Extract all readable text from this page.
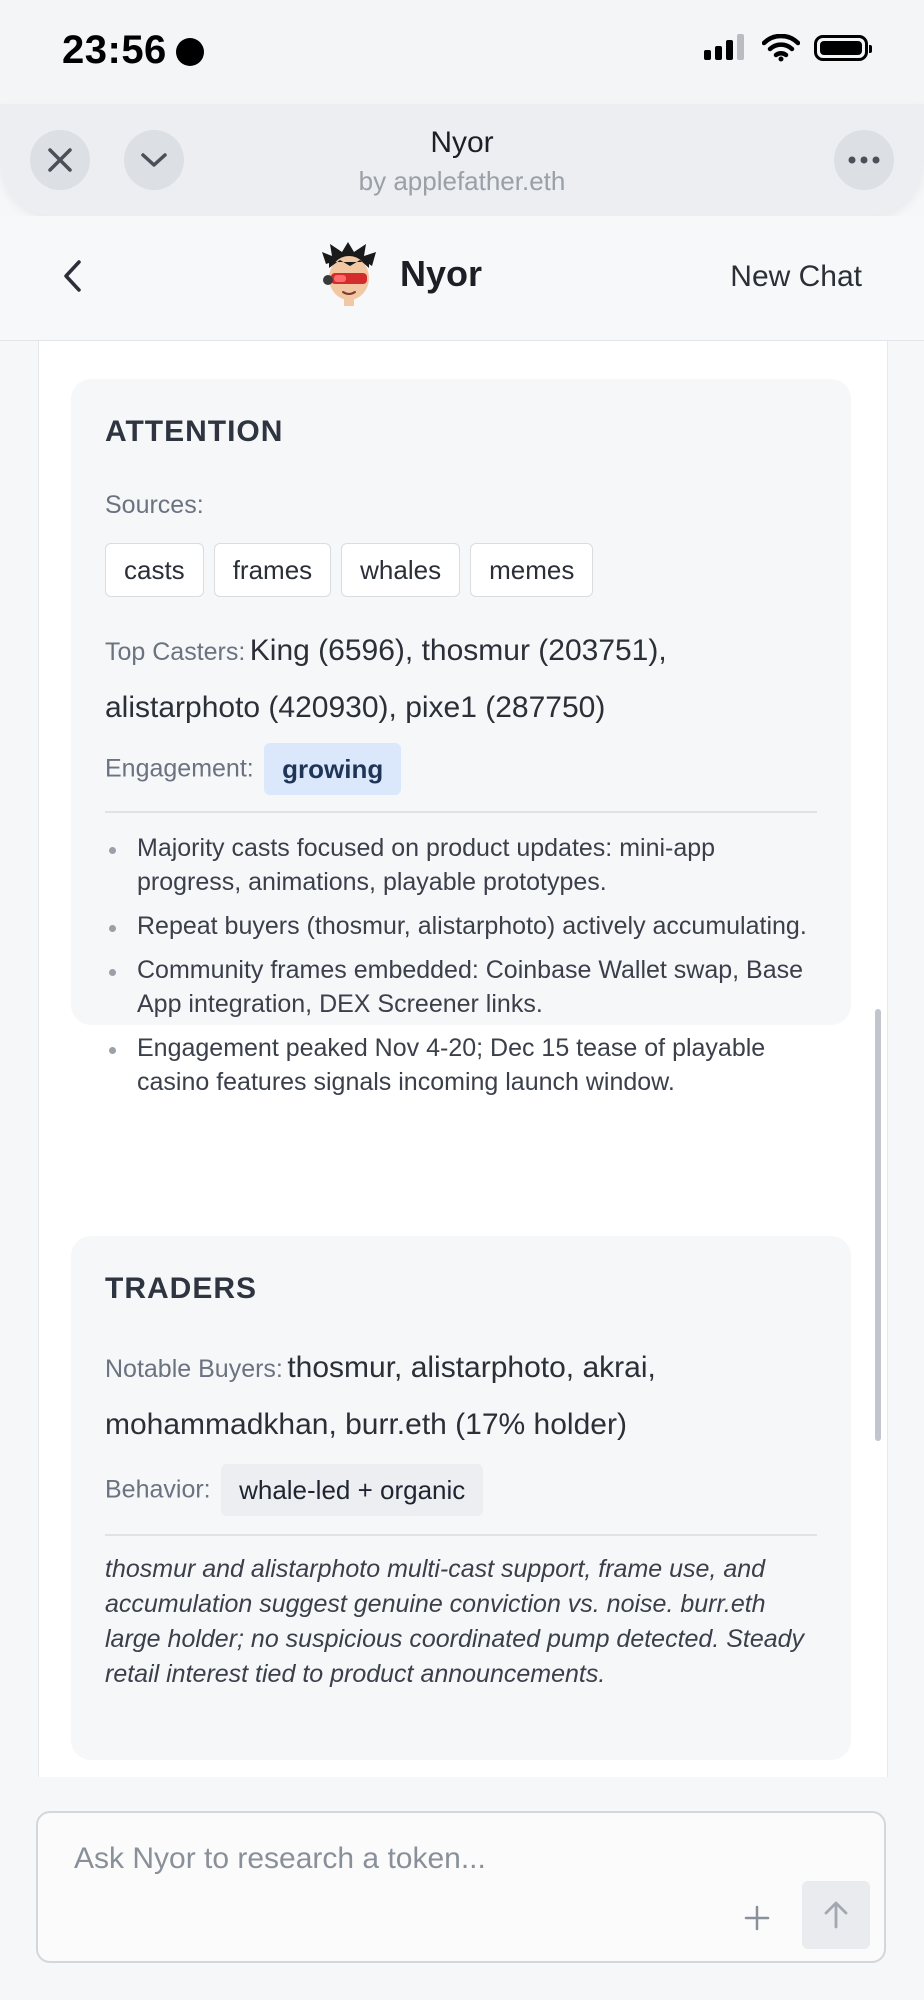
23:56
Nyor
by applefather.eth
Nyor	New Chat
ATTENTION
Sources:
casts	frames	whales	memes
Top Casters: King (6596), thosmur (203751),
alistarphoto (420930), pixe1 (287750)
Engagement: growing
Majority casts focused on product updates: mini-app progress, animations, playable prototypes.
Repeat buyers (thosmur, alistarphoto) actively accumulating.
Community frames embedded: Coinbase Wallet swap, Base App integration, DEX Screener links.
Engagement peaked Nov 4-20; Dec 15 tease of playable casino features signals incoming launch window.
TRADERS
Notable Buyers: thosmur, alistarphoto, akrai,
mohammadkhan, burr.eth (17% holder)
Behavior: whale-led + organic
thosmur and alistarphoto multi-cast support, frame use, and accumulation suggest genuine conviction vs. noise. burr.eth large holder; no suspicious coordinated pump detected. Steady retail interest tied to product announcements.
Ask Nyor to research a token...
